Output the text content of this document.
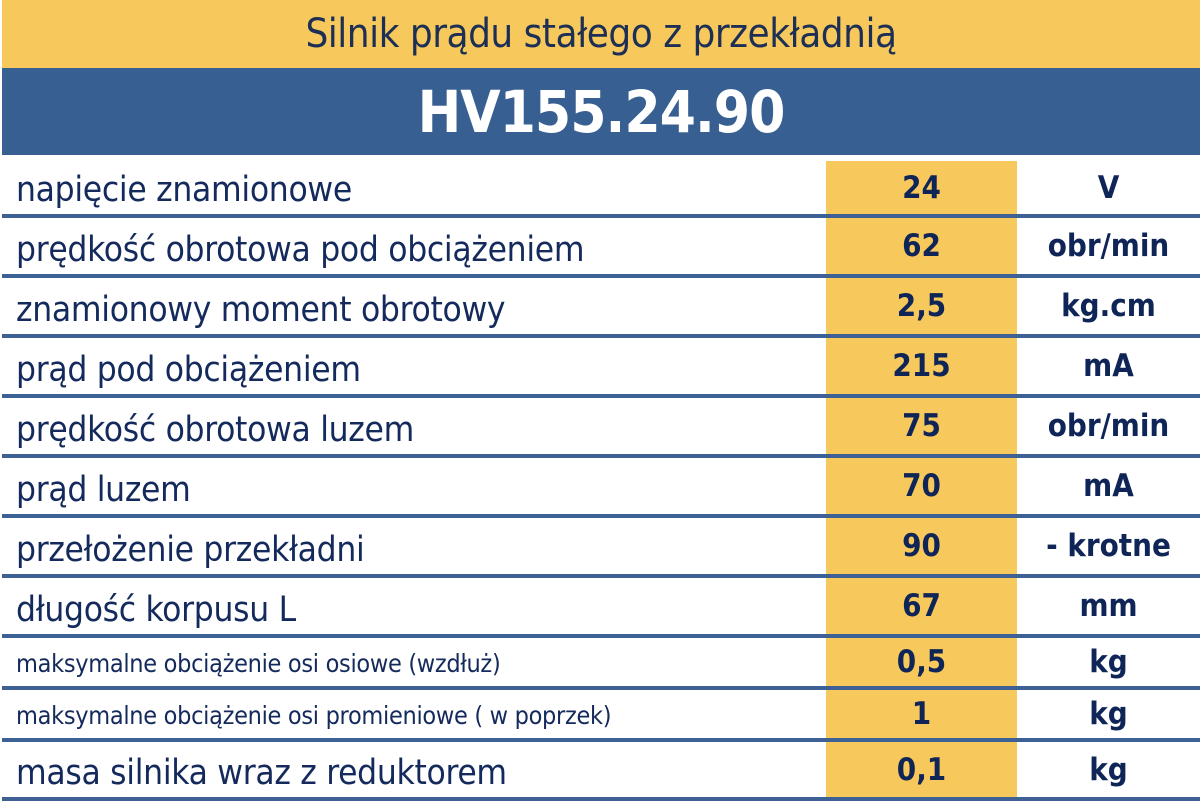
Silnik prądu stałego z przekładnią
HV155.24.90
napięcie znamionowe	24	V
prędkość obrotowa pod obciążeniem	62	obr/min
znamionowy moment obrotowy	2,5	kg.cm
prąd pod obciążeniem	215	mA
prędkość obrotowa luzem	75	obr/min
prąd luzem	70	mA
przełożenie przekładni	90	- krotne
długość korpusu L	67	mm
maksymalne obciążenie osi osiowe (wzdłuż)	0,5	kg
maksymalne obciążenie osi promieniowe ( w poprzek)	1	kg
masa silnika wraz z reduktorem	0,1	kg
